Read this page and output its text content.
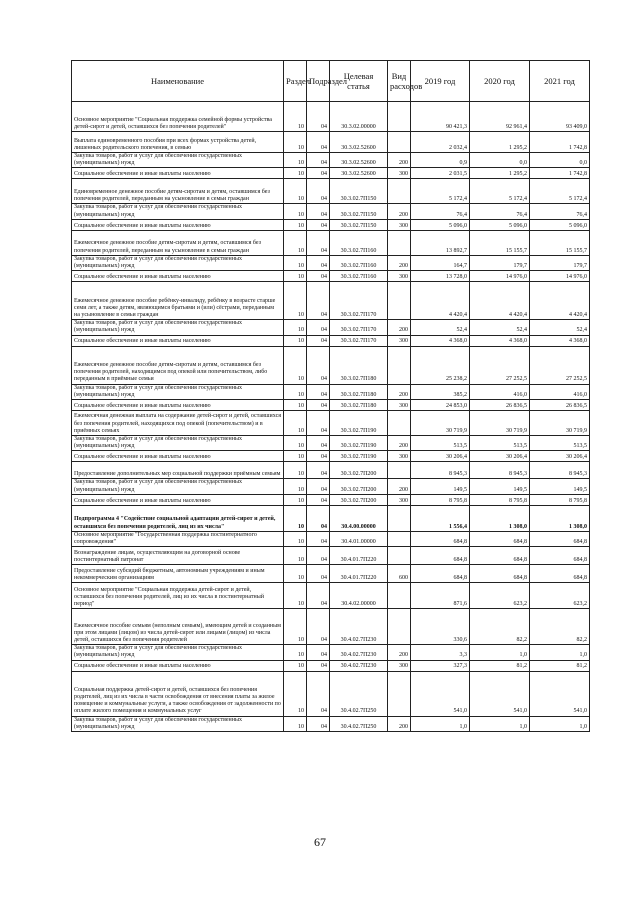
Наименование	Раздел	Подраздел	Целевая статья	Вид расходов	2019 год	2020 год	2021 год
Основное мероприятие "Социальная поддержка семейной формы устройства детей-сирот и детей, оставшихся без попечения родителей"	10	04	30.3.02.00000		90 421,3	92 961,4	93 409,0
Выплата единовременного пособия при всех формах устройства детей, лишенных родительского попечения, в семью	10	04	30.3.02.52600		2 032,4	1 295,2	1 742,8
Закупка товаров, работ и услуг для обеспечения государственных (муниципальных) нужд	10	04	30.3.02.52600	200	0,9	0,0	0,0
Социальное обеспечение и иные выплаты населению	10	04	30.3.02.52600	300	2 031,5	1 295,2	1 742,8
Единовременное денежное пособие детям-сиротам и детям, оставшимся без попечения родителей, переданным на усыновление в семьи граждан	10	04	30.3.02.7П150		5 172,4	5 172,4	5 172,4
Закупка товаров, работ и услуг для обеспечения государственных (муниципальных) нужд	10	04	30.3.02.7П150	200	76,4	76,4	76,4
Социальное обеспечение и иные выплаты населению	10	04	30.3.02.7П150	300	5 096,0	5 096,0	5 096,0
Ежемесячное денежное пособие детям-сиротам и детям, оставшимся без попечения родителей, переданным на усыновление в семьи граждан	10	04	30.3.02.7П160		13 892,7	15 155,7	15 155,7
Закупка товаров, работ и услуг для обеспечения государственных (муниципальных) нужд	10	04	30.3.02.7П160	200	164,7	179,7	179,7
Социальное обеспечение и иные выплаты населению	10	04	30.3.02.7П160	300	13 728,0	14 976,0	14 976,0
Ежемесячное денежное пособие ребёнку-инвалиду, ребёнку в возрасте старше семи лет, а также детям, являющимся братьями и (или) сёстрами, переданным на усыновление в семьи граждан	10	04	30.3.02.7П170		4 420,4	4 420,4	4 420,4
Закупка товаров, работ и услуг для обеспечения государственных (муниципальных) нужд	10	04	30.3.02.7П170	200	52,4	52,4	52,4
Социальное обеспечение и иные выплаты населению	10	04	30.3.02.7П170	300	4 368,0	4 368,0	4 368,0
Ежемесячное денежное пособие детям-сиротам и детям, оставшимся без попечения родителей, находящимся под опекой или попечительством, либо переданным в приёмные семьи	10	04	30.3.02.7П180		25 238,2	27 252,5	27 252,5
Закупка товаров, работ и услуг для обеспечения государственных (муниципальных) нужд	10	04	30.3.02.7П180	200	385,2	416,0	416,0
Социальное обеспечение и иные выплаты населению	10	04	30.3.02.7П180	300	24 853,0	26 836,5	26 836,5
Ежемесячная денежная выплата на содержание детей-сирот и детей, оставшихся без попечения родителей, находящихся под опекой (попечительством) и в приёмных семьях	10	04	30.3.02.7П190		30 719,9	30 719,9	30 719,9
Закупка товаров, работ и услуг для обеспечения государственных (муниципальных) нужд	10	04	30.3.02.7П190	200	513,5	513,5	513,5
Социальное обеспечение и иные выплаты населению	10	04	30.3.02.7П190	300	30 206,4	30 206,4	30 206,4
Предоставление дополнительных мер социальной поддержки приёмным семьям	10	04	30.3.02.7П200		8 945,3	8 945,3	8 945,3
Закупка товаров, работ и услуг для обеспечения государственных (муниципальных) нужд	10	04	30.3.02.7П200	200	149,5	149,5	149,5
Социальное обеспечение и иные выплаты населению	10	04	30.3.02.7П200	300	8 795,8	8 795,8	8 795,8
Подпрограмма 4 "Содействие социальной адаптации детей-сирот и детей, оставшихся без попечения родителей, лиц из их числа"	10	04	30.4.00.00000		1 556,4	1 308,0	1 308,0
Основное мероприятие "Государственная поддержка постинтернатного сопровождения"	10	04	30.4.01.00000		684,8	684,8	684,8
Вознаграждение лицам, осуществляющим на договорной основе постинтернатный патронат	10	04	30.4.01.7П220		684,8	684,8	684,8
Предоставление субсидий бюджетным, автономным учреждениям и иным некоммерческим организациям	10	04	30.4.01.7П220	600	684,8	684,8	684,8
Основное мероприятие "Социальная поддержка детей-сирот и детей, оставшихся без попечения родителей, лиц из их числа в постинтернатный период"	10	04	30.4.02.00000		871,6	623,2	623,2
Ежемесячное пособие семьям (неполным семьям), имеющим детей и созданным при этом лицами (лицом) из числа детей-сирот или лицами (лицом) из числа детей, оставшихся без попечения родителей	10	04	30.4.02.7П230		330,6	82,2	82,2
Закупка товаров, работ и услуг для обеспечения государственных (муниципальных) нужд	10	04	30.4.02.7П230	200	3,3	1,0	1,0
Социальное обеспечение и иные выплаты населению	10	04	30.4.02.7П230	300	327,3	81,2	81,2
Социальная поддержка детей-сирот и детей, оставшихся без попечения родителей, лиц из их числа в части освобождения от внесения платы за жилое помещение и коммунальные услуги, а также освобождения от задолженности по оплате жилого помещения и коммунальных услуг	10	04	30.4.02.7П250		541,0	541,0	541,0
Закупка товаров, работ и услуг для обеспечения государственных (муниципальных) нужд	10	04	30.4.02.7П250	200	1,0	1,0	1,0
67
